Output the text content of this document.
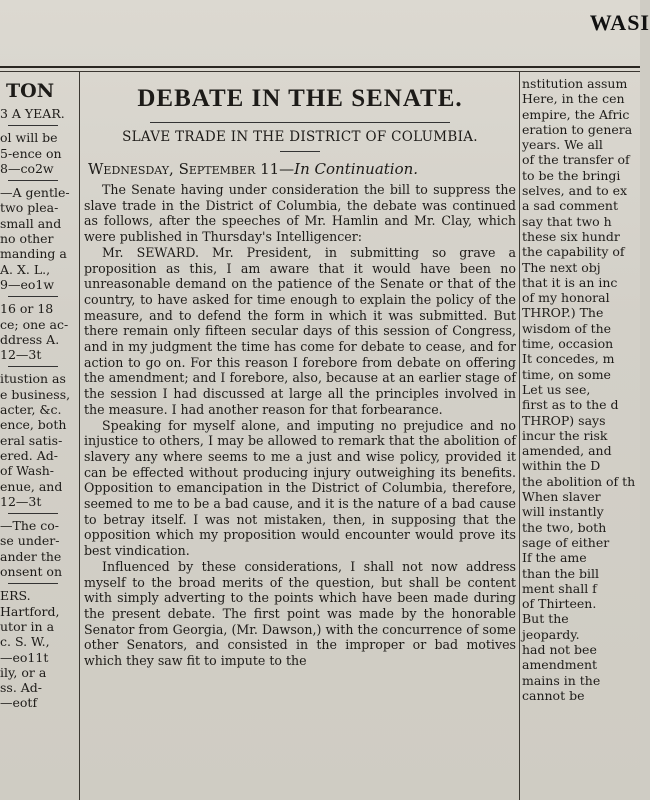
WASI
TON
3 A YEAR.
ol will be
5-ence on
8—co2w
—A gentle-
two plea-
small and
no other
manding a
A. X. L.,
9—eo1w
16 or 18
ce; one ac-
ddress A.
12—3t
itustion as
e business,
acter, &c.
ence, both
eral satis-
ered. Ad-
of Wash-
enue, and
12—3t
—The co-
se under-
ander the
onsent on
ERS.
Hartford,
utor in a
c. S. W.,
—eo11t
ily, or a
ss. Ad-
—eotf
DEBATE IN THE SENATE.
SLAVE TRADE IN THE DISTRICT OF COLUMBIA.
Wednesday, September 11—In Continuation.

The Senate having under consideration the bill to suppress the slave trade in the District of Columbia, the debate was continued as follows, after the speeches of Mr. Hamlin and Mr. Clay, which were published in Thursday's Intelligencer:

Mr. SEWARD. Mr. President, in submitting so grave a proposition as this, I am aware that it would have been no unreasonable demand on the patience of the Senate or that of the country, to have asked for time enough to explain the policy of the measure, and to defend the form in which it was submitted. But there remain only fifteen secular days of this session of Congress, and in my judgment the time has come for debate to cease, and for action to go on. For this reason I forebore from debate on offering the amendment; and I forebore, also, because at an earlier stage of the session I had discussed at large all the principles involved in the measure. I had another reason for that forbearance.

Speaking for myself alone, and imputing no prejudice and no injustice to others, I may be allowed to remark that the abolition of slavery any where seems to me a just and wise policy, provided it can be effected without producing injury outweighing its benefits. Opposition to emancipation in the District of Columbia, therefore, seemed to me to be a bad cause, and it is the nature of a bad cause to betray itself. I was not mistaken, then, in supposing that the opposition which my proposition would encounter would prove its best vindication.

Influenced by these considerations, I shall not now address myself to the broad merits of the question, but shall be content with simply adverting to the points which have been made during the present debate. The first point was made by the honorable Senator from Georgia, (Mr. Dawson,) with the concurrence of some other Senators, and consisted in the improper or bad motives which they saw fit to impute to the

nstitution assum
Here, in the cen
empire, the Afric
eration to genera
years. We all
of the transfer of
to be the bringi
selves, and to ex
a sad comment
say that two h
these six hundr
the capability of
The next obj
that it is an inc
of my honoral
THROP.) The
wisdom of the
time, occasion
It concedes, m
time, on some
Let us see,
first as to the d
THROP) says
incur the risk
amended, and
within the D
the abolition of th
When slaver
will instantly
the two, both
sage of either
If the ame
than the bill
ment shall f
of Thirteen.
But the
jeopardy.
had not bee
amendment
mains in the
cannot be
